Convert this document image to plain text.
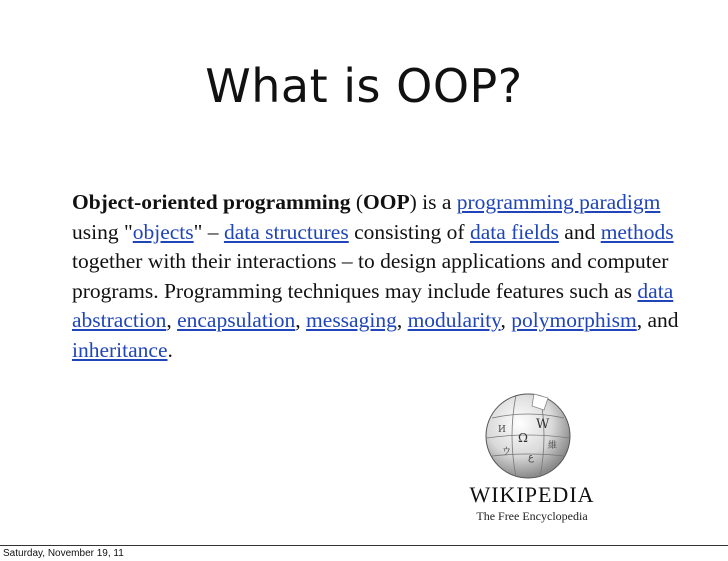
What is OOP?

Object-oriented programming (OOP) is a programming paradigm using "objects" – data structures consisting of data fields and methods together with their interactions – to design applications and computer programs. Programming techniques may include features such as data abstraction, encapsulation, messaging, modularity, polymorphism, and inheritance.

W
Ω
И
ウ ع
維
WIKIPEDIA
The Free Encyclopedia
Saturday, November 19, 11
